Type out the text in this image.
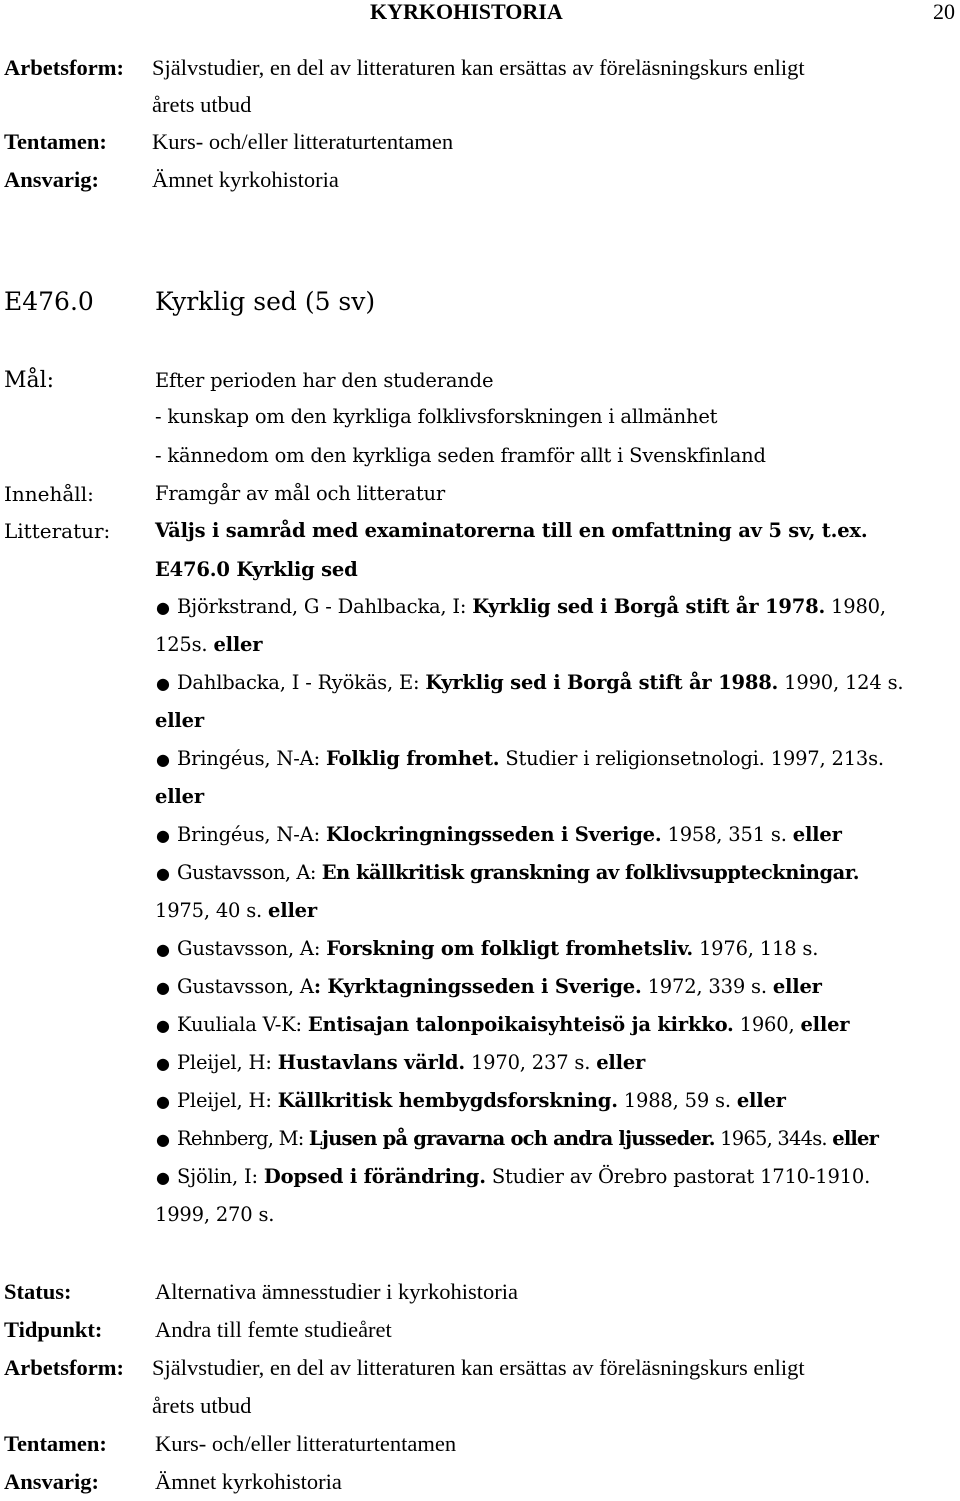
KYRKOHISTORIA	20
Arbetsform: Självstudier, en del av litteraturen kan ersättas av föreläsningskurs enligt
årets utbud
Tentamen: Kurs- och/eller litteraturtentamen
Ansvarig: Ämnet kyrkohistoria
E476.0 Kyrklig sed (5 sv)
Mål:	Efter perioden har den studerande
- kunskap om den kyrkliga folklivsforskningen i allmänhet
- kännedom om den kyrkliga seden framför allt i Svenskfinland
Innehåll:	Framgår av mål och litteratur
Litteratur: Väljs i samråd med examinatorerna till en omfattning av 5 sv, t.ex.
E476.0 Kyrklig sed
● Björkstrand, G - Dahlbacka, I: Kyrklig sed i Borgå stift år 1978. 1980,
125s. eller
● Dahlbacka, I - Ryökäs, E: Kyrklig sed i Borgå stift år 1988. 1990, 124 s.
eller
● Bringéus, N-A: Folklig fromhet. Studier i religionsetnologi. 1997, 213s.
eller
● Bringéus, N-A: Klockringningsseden i Sverige. 1958, 351 s. eller
● Gustavsson, A: En källkritisk granskning av folklivsuppteckningar.
1975, 40 s. eller
● Gustavsson, A: Forskning om folkligt fromhetsliv. 1976, 118 s.
● Gustavsson, A: Kyrktagningsseden i Sverige. 1972, 339 s. eller
● Kuuliala V-K: Entisajan talonpoikaisyhteisö ja kirkko. 1960, eller
● Pleijel, H: Hustavlans värld. 1970, 237 s. eller
● Pleijel, H: Källkritisk hembygdsforskning. 1988, 59 s. eller
● Rehnberg, M: Ljusen på gravarna och andra ljusseder. 1965, 344s. eller
● Sjölin, I: Dopsed i förändring. Studier av Örebro pastorat 1710-1910.
1999, 270 s.
Status:	Alternativa ämnesstudier i kyrkohistoria
Tidpunkt: Andra till femte studieåret
Arbetsform: Självstudier, en del av litteraturen kan ersättas av föreläsningskurs enligt
årets utbud
Tentamen: Kurs- och/eller litteraturtentamen
Ansvarig: Ämnet kyrkohistoria
